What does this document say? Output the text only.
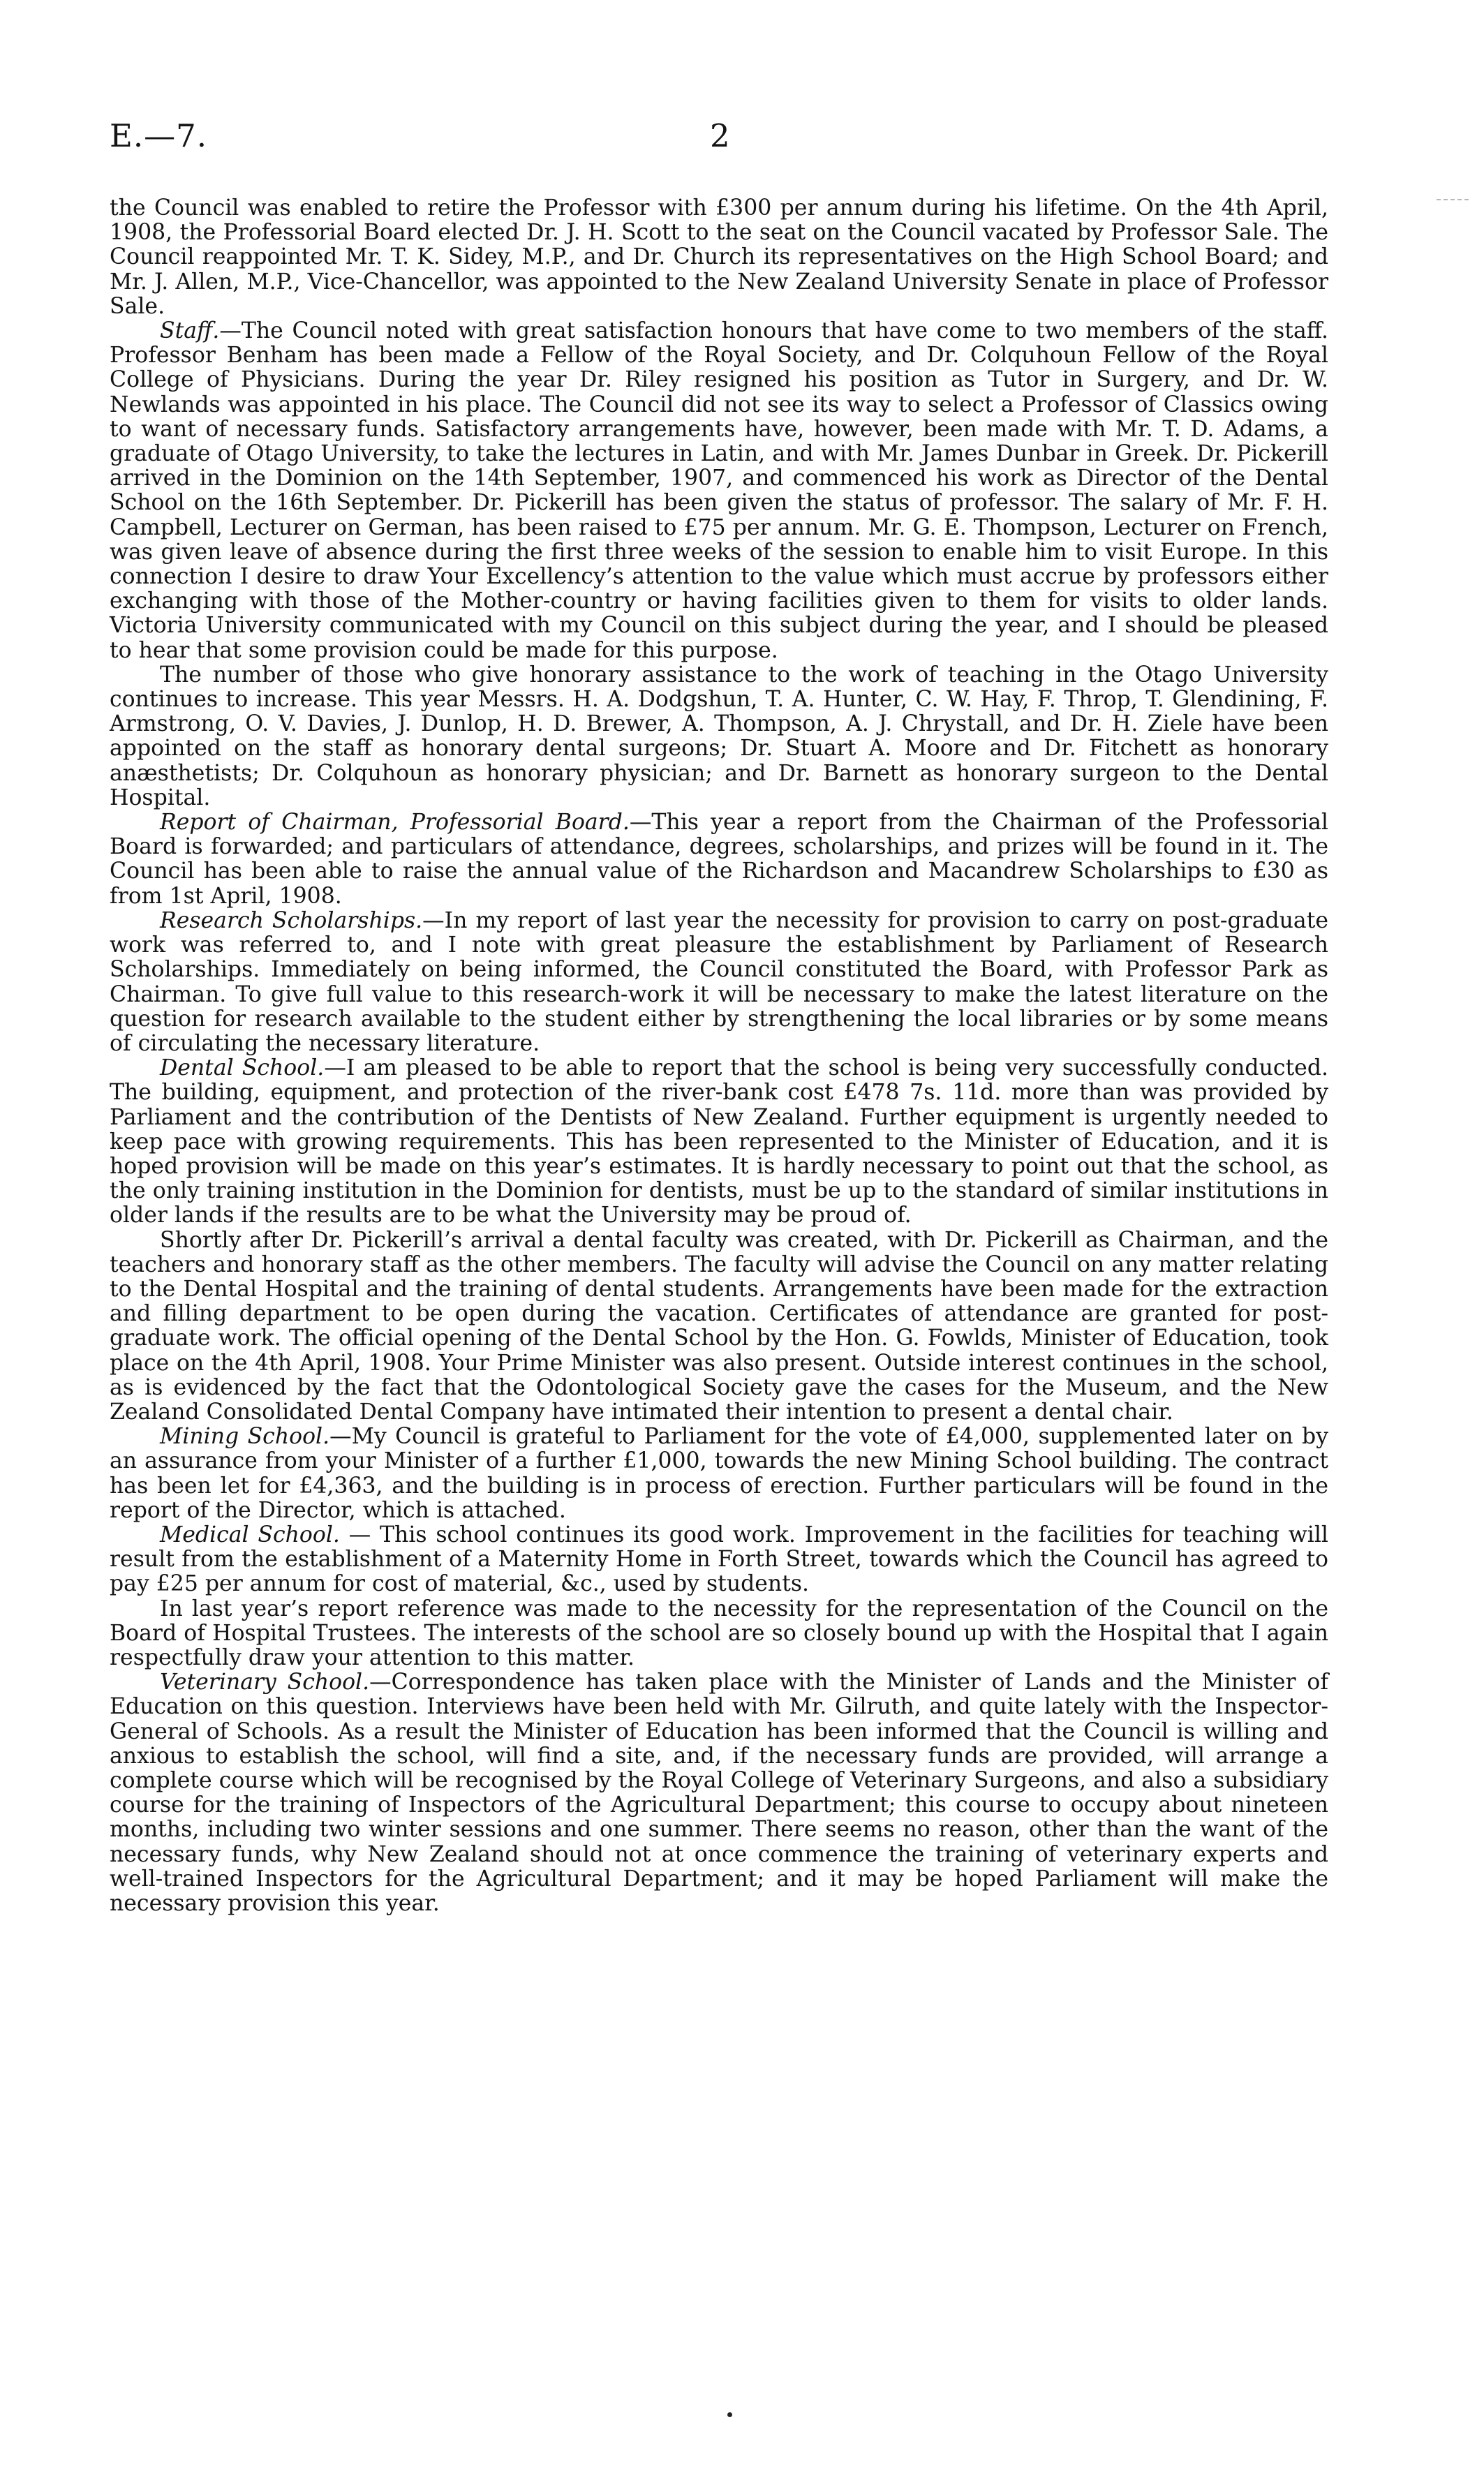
E.—7.	2

the Council was enabled to retire the Professor with £300 per annum during his lifetime. On the 4th April, 1908, the Professorial Board elected Dr. J. H. Scott to the seat on the Council vacated by Professor Sale. The Council reappointed Mr. T. K. Sidey, M.P., and Dr. Church its representatives on the High School Board; and Mr. J. Allen, M.P., Vice-Chancellor, was appointed to the New Zealand University Senate in place of Professor Sale.

Staff.—The Council noted with great satisfaction honours that have come to two members of the staff. Professor Benham has been made a Fellow of the Royal Society, and Dr. Colquhoun Fellow of the Royal College of Physicians. During the year Dr. Riley resigned his position as Tutor in Surgery, and Dr. W. Newlands was appointed in his place. The Council did not see its way to select a Professor of Classics owing to want of necessary funds. Satisfactory arrangements have, however, been made with Mr. T. D. Adams, a graduate of Otago University, to take the lectures in Latin, and with Mr. James Dunbar in Greek. Dr. Pickerill arrived in the Dominion on the 14th September, 1907, and commenced his work as Director of the Dental School on the 16th September. Dr. Pickerill has been given the status of professor. The salary of Mr. F. H. Campbell, Lecturer on German, has been raised to £75 per annum. Mr. G. E. Thompson, Lecturer on French, was given leave of absence during the first three weeks of the session to enable him to visit Europe. In this connection I desire to draw Your Excellency’s attention to the value which must accrue by professors either exchanging with those of the Mother-country or having facilities given to them for visits to older lands. Victoria University communicated with my Council on this subject during the year, and I should be pleased to hear that some provision could be made for this purpose.

The number of those who give honorary assistance to the work of teaching in the Otago University continues to increase. This year Messrs. H. A. Dodgshun, T. A. Hunter, C. W. Hay, F. Throp, T. Glendining, F. Armstrong, O. V. Davies, J. Dunlop, H. D. Brewer, A. Thompson, A. J. Chrystall, and Dr. H. Ziele have been appointed on the staff as honorary dental surgeons; Dr. Stuart A. Moore and Dr. Fitchett as honorary anæsthetists; Dr. Colquhoun as honorary physician; and Dr. Barnett as honorary surgeon to the Dental Hospital.

Report of Chairman, Professorial Board.—This year a report from the Chairman of the Professorial Board is forwarded; and particulars of attendance, degrees, scholarships, and prizes will be found in it. The Council has been able to raise the annual value of the Richardson and Macandrew Scholarships to £30 as from 1st April, 1908.

Research Scholarships.—In my report of last year the necessity for provision to carry on post-graduate work was referred to, and I note with great pleasure the establishment by Parliament of Research Scholarships. Immediately on being informed, the Council constituted the Board, with Professor Park as Chairman. To give full value to this research-work it will be necessary to make the latest literature on the question for research available to the student either by strengthening the local libraries or by some means of circulating the necessary literature.

Dental School.—I am pleased to be able to report that the school is being very successfully conducted. The building, equipment, and protection of the river-bank cost £478 7s. 11d. more than was provided by Parliament and the contribution of the Dentists of New Zealand. Further equipment is urgently needed to keep pace with growing requirements. This has been represented to the Minister of Education, and it is hoped provision will be made on this year’s estimates. It is hardly necessary to point out that the school, as the only training institution in the Dominion for dentists, must be up to the standard of similar institutions in older lands if the results are to be what the University may be proud of.

Shortly after Dr. Pickerill’s arrival a dental faculty was created, with Dr. Pickerill as Chairman, and the teachers and honorary staff as the other members. The faculty will advise the Council on any matter relating to the Dental Hospital and the training of dental students. Arrangements have been made for the extraction and filling department to be open during the vacation. Certificates of attendance are granted for post-graduate work. The official opening of the Dental School by the Hon. G. Fowlds, Minister of Education, took place on the 4th April, 1908. Your Prime Minister was also present. Outside interest continues in the school, as is evidenced by the fact that the Odontological Society gave the cases for the Museum, and the New Zealand Consolidated Dental Company have intimated their intention to present a dental chair.

Mining School.—My Council is grateful to Parliament for the vote of £4,000, supplemented later on by an assurance from your Minister of a further £1,000, towards the new Mining School building. The contract has been let for £4,363, and the building is in process of erection. Further particulars will be found in the report of the Director, which is attached.

Medical School. — This school continues its good work. Improvement in the facilities for teaching will result from the establishment of a Maternity Home in Forth Street, towards which the Council has agreed to pay £25 per annum for cost of material, &c., used by students.

In last year’s report reference was made to the necessity for the representation of the Council on the Board of Hospital Trustees. The interests of the school are so closely bound up with the Hospital that I again respectfully draw your attention to this matter.

Veterinary School.—Correspondence has taken place with the Minister of Lands and the Minister of Education on this question. Interviews have been held with Mr. Gilruth, and quite lately with the Inspector-General of Schools. As a result the Minister of Education has been informed that the Council is willing and anxious to establish the school, will find a site, and, if the necessary funds are provided, will arrange a complete course which will be recognised by the Royal College of Veterinary Surgeons, and also a subsidiary course for the training of Inspectors of the Agricultural Department; this course to occupy about nineteen months, including two winter sessions and one summer. There seems no reason, other than the want of the necessary funds, why New Zealand should not at once commence the training of veterinary experts and well-trained Inspectors for the Agricultural Department; and it may be hoped Parliament will make the necessary provision this year.
